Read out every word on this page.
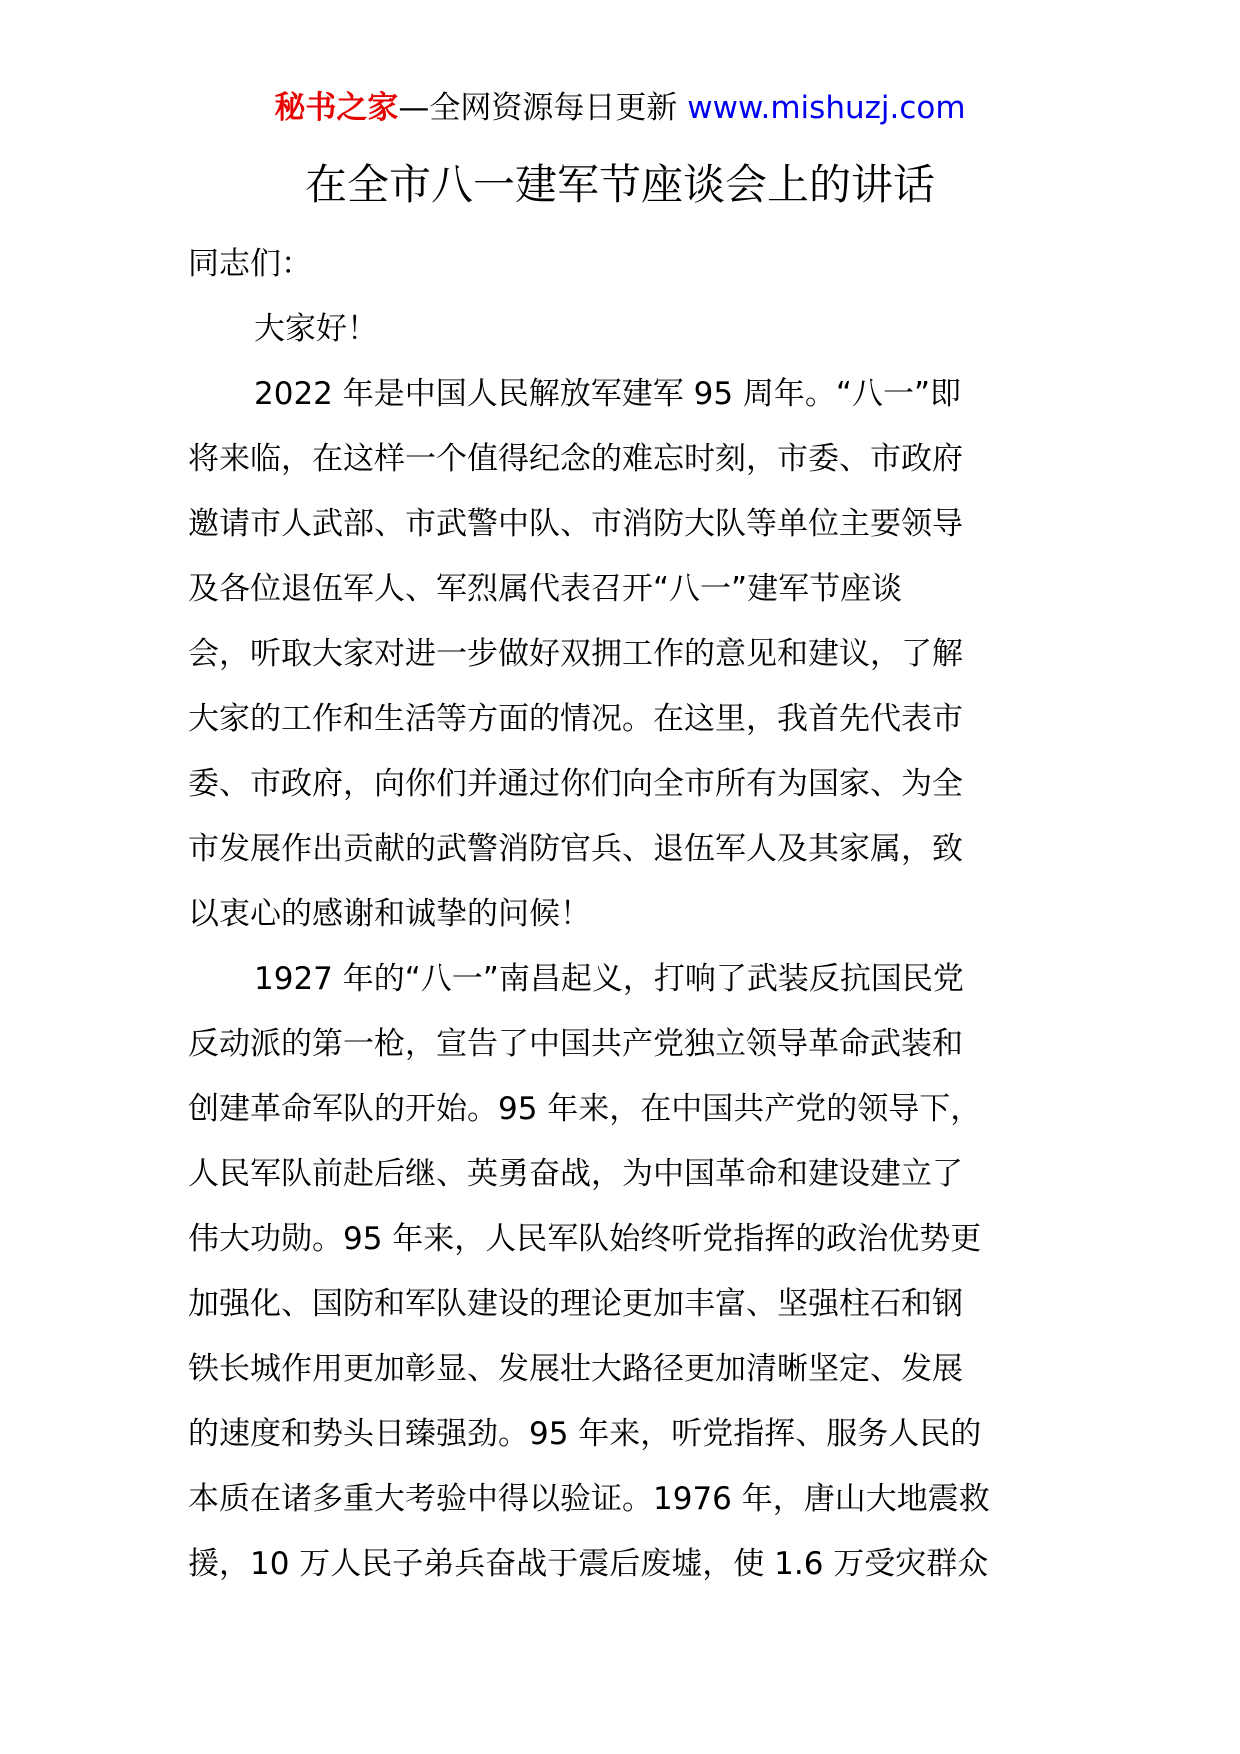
秘书之家—全网资源每日更新 www.mishuzj.com
在全市八一建军节座谈会上的讲话
同志们：
大家好！
2022 年是中国人民解放军建军 95 周年。“八一”即
将来临，在这样一个值得纪念的难忘时刻，市委、市政府
邀请市人武部、市武警中队、市消防大队等单位主要领导
及各位退伍军人、军烈属代表召开“八一”建军节座谈
会，听取大家对进一步做好双拥工作的意见和建议，了解
大家的工作和生活等方面的情况。在这里，我首先代表市
委、市政府，向你们并通过你们向全市所有为国家、为全
市发展作出贡献的武警消防官兵、退伍军人及其家属，致
以衷心的感谢和诚挚的问候！
1927 年的“八一”南昌起义，打响了武装反抗国民党
反动派的第一枪，宣告了中国共产党独立领导革命武装和
创建革命军队的开始。95 年来，在中国共产党的领导下，
人民军队前赴后继、英勇奋战，为中国革命和建设建立了
伟大功勋。95 年来，人民军队始终听党指挥的政治优势更
加强化、国防和军队建设的理论更加丰富、坚强柱石和钢
铁长城作用更加彰显、发展壮大路径更加清晰坚定、发展
的速度和势头日臻强劲。95 年来，听党指挥、服务人民的
本质在诸多重大考验中得以验证。1976 年，唐山大地震救
援，10 万人民子弟兵奋战于震后废墟，使 1.6 万受灾群众
